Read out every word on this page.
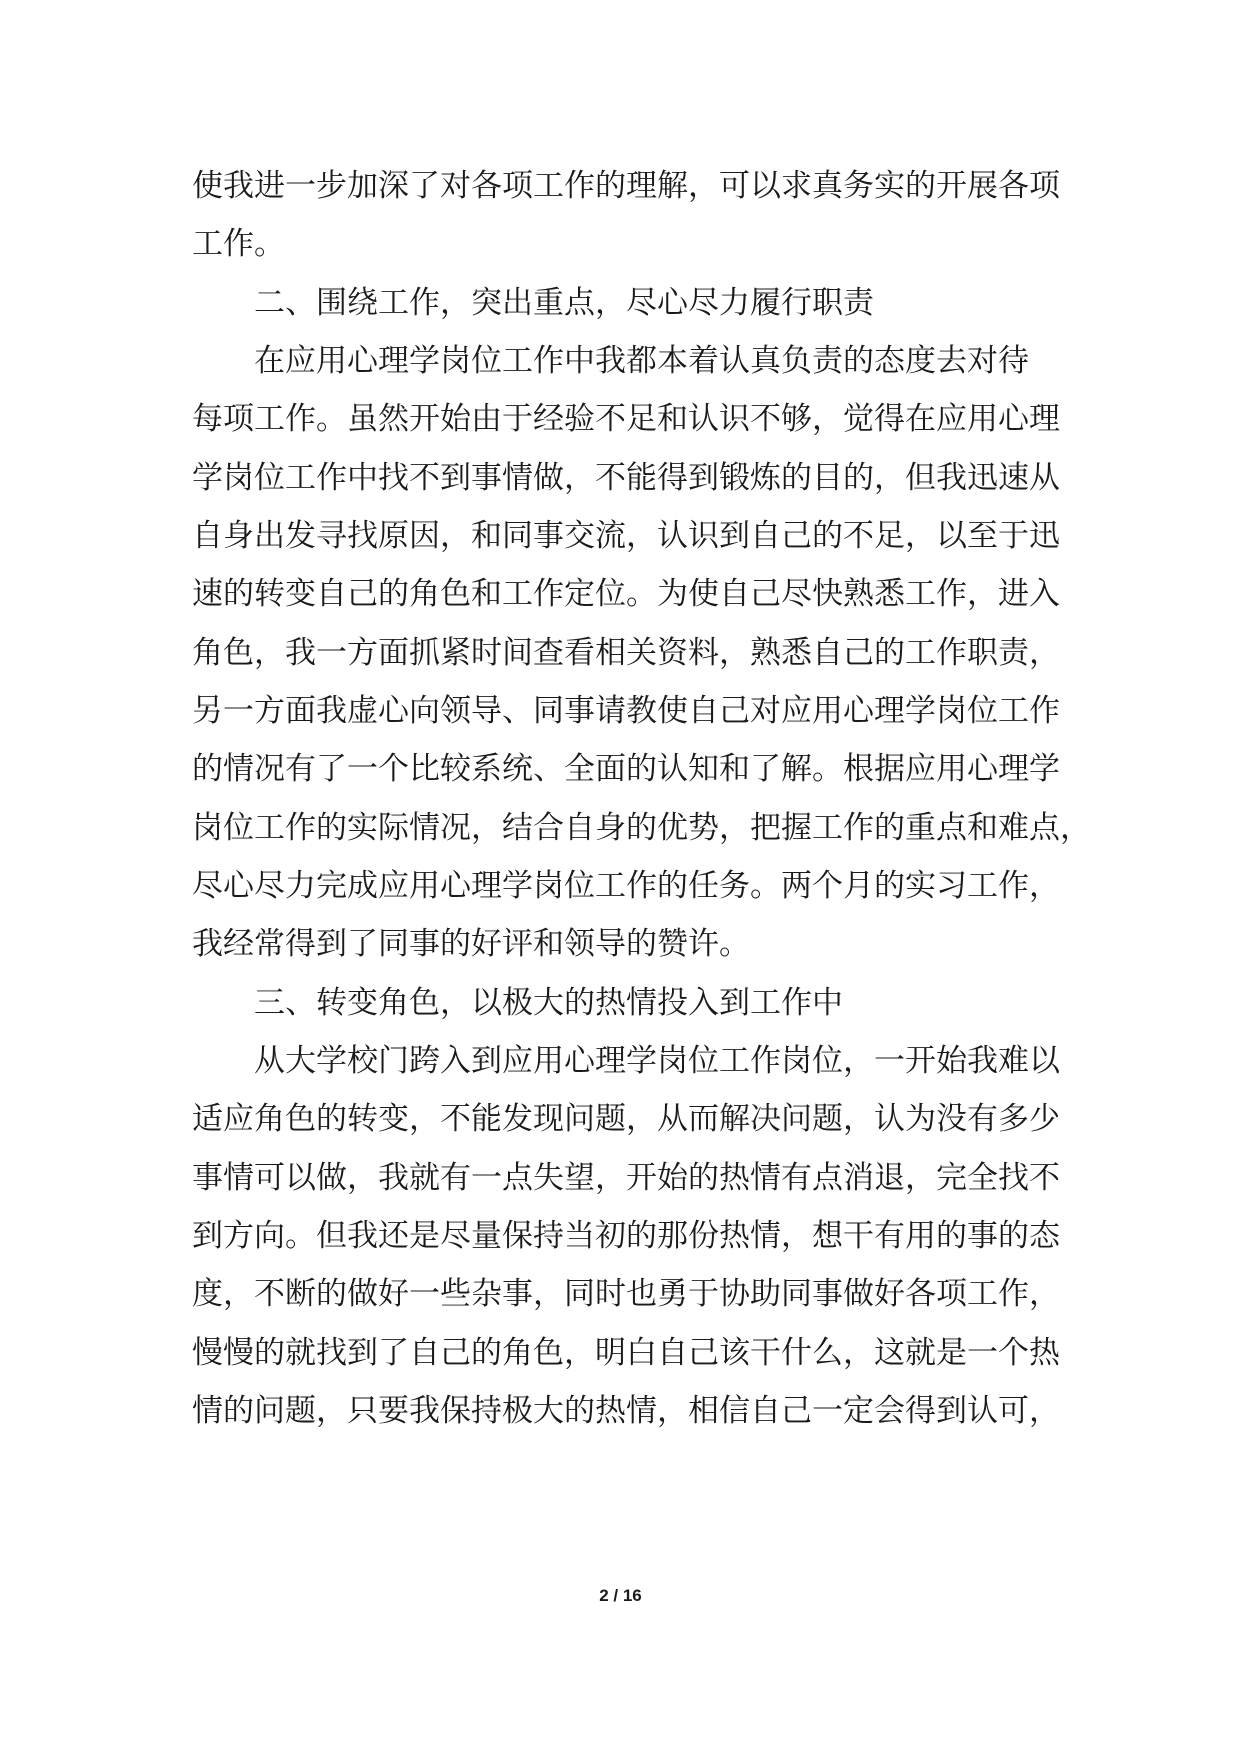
使我进一步加深了对各项工作的理解，可以求真务实的开展各项
工作。
二、围绕工作，突出重点，尽心尽力履行职责
在应用心理学岗位工作中我都本着认真负责的态度去对待
每项工作。虽然开始由于经验不足和认识不够，觉得在应用心理
学岗位工作中找不到事情做，不能得到锻炼的目的，但我迅速从
自身出发寻找原因，和同事交流，认识到自己的不足，以至于迅
速的转变自己的角色和工作定位。为使自己尽快熟悉工作，进入
角色，我一方面抓紧时间查看相关资料，熟悉自己的工作职责，
另一方面我虚心向领导、同事请教使自己对应用心理学岗位工作
的情况有了一个比较系统、全面的认知和了解。根据应用心理学
岗位工作的实际情况，结合自身的优势，把握工作的重点和难点，
尽心尽力完成应用心理学岗位工作的任务。两个月的实习工作，
我经常得到了同事的好评和领导的赞许。
三、转变角色，以极大的热情投入到工作中
从大学校门跨入到应用心理学岗位工作岗位，一开始我难以
适应角色的转变，不能发现问题，从而解决问题，认为没有多少
事情可以做，我就有一点失望，开始的热情有点消退，完全找不
到方向。但我还是尽量保持当初的那份热情，想干有用的事的态
度，不断的做好一些杂事，同时也勇于协助同事做好各项工作，
慢慢的就找到了自己的角色，明白自己该干什么，这就是一个热
情的问题，只要我保持极大的热情，相信自己一定会得到认可，
2 / 16
